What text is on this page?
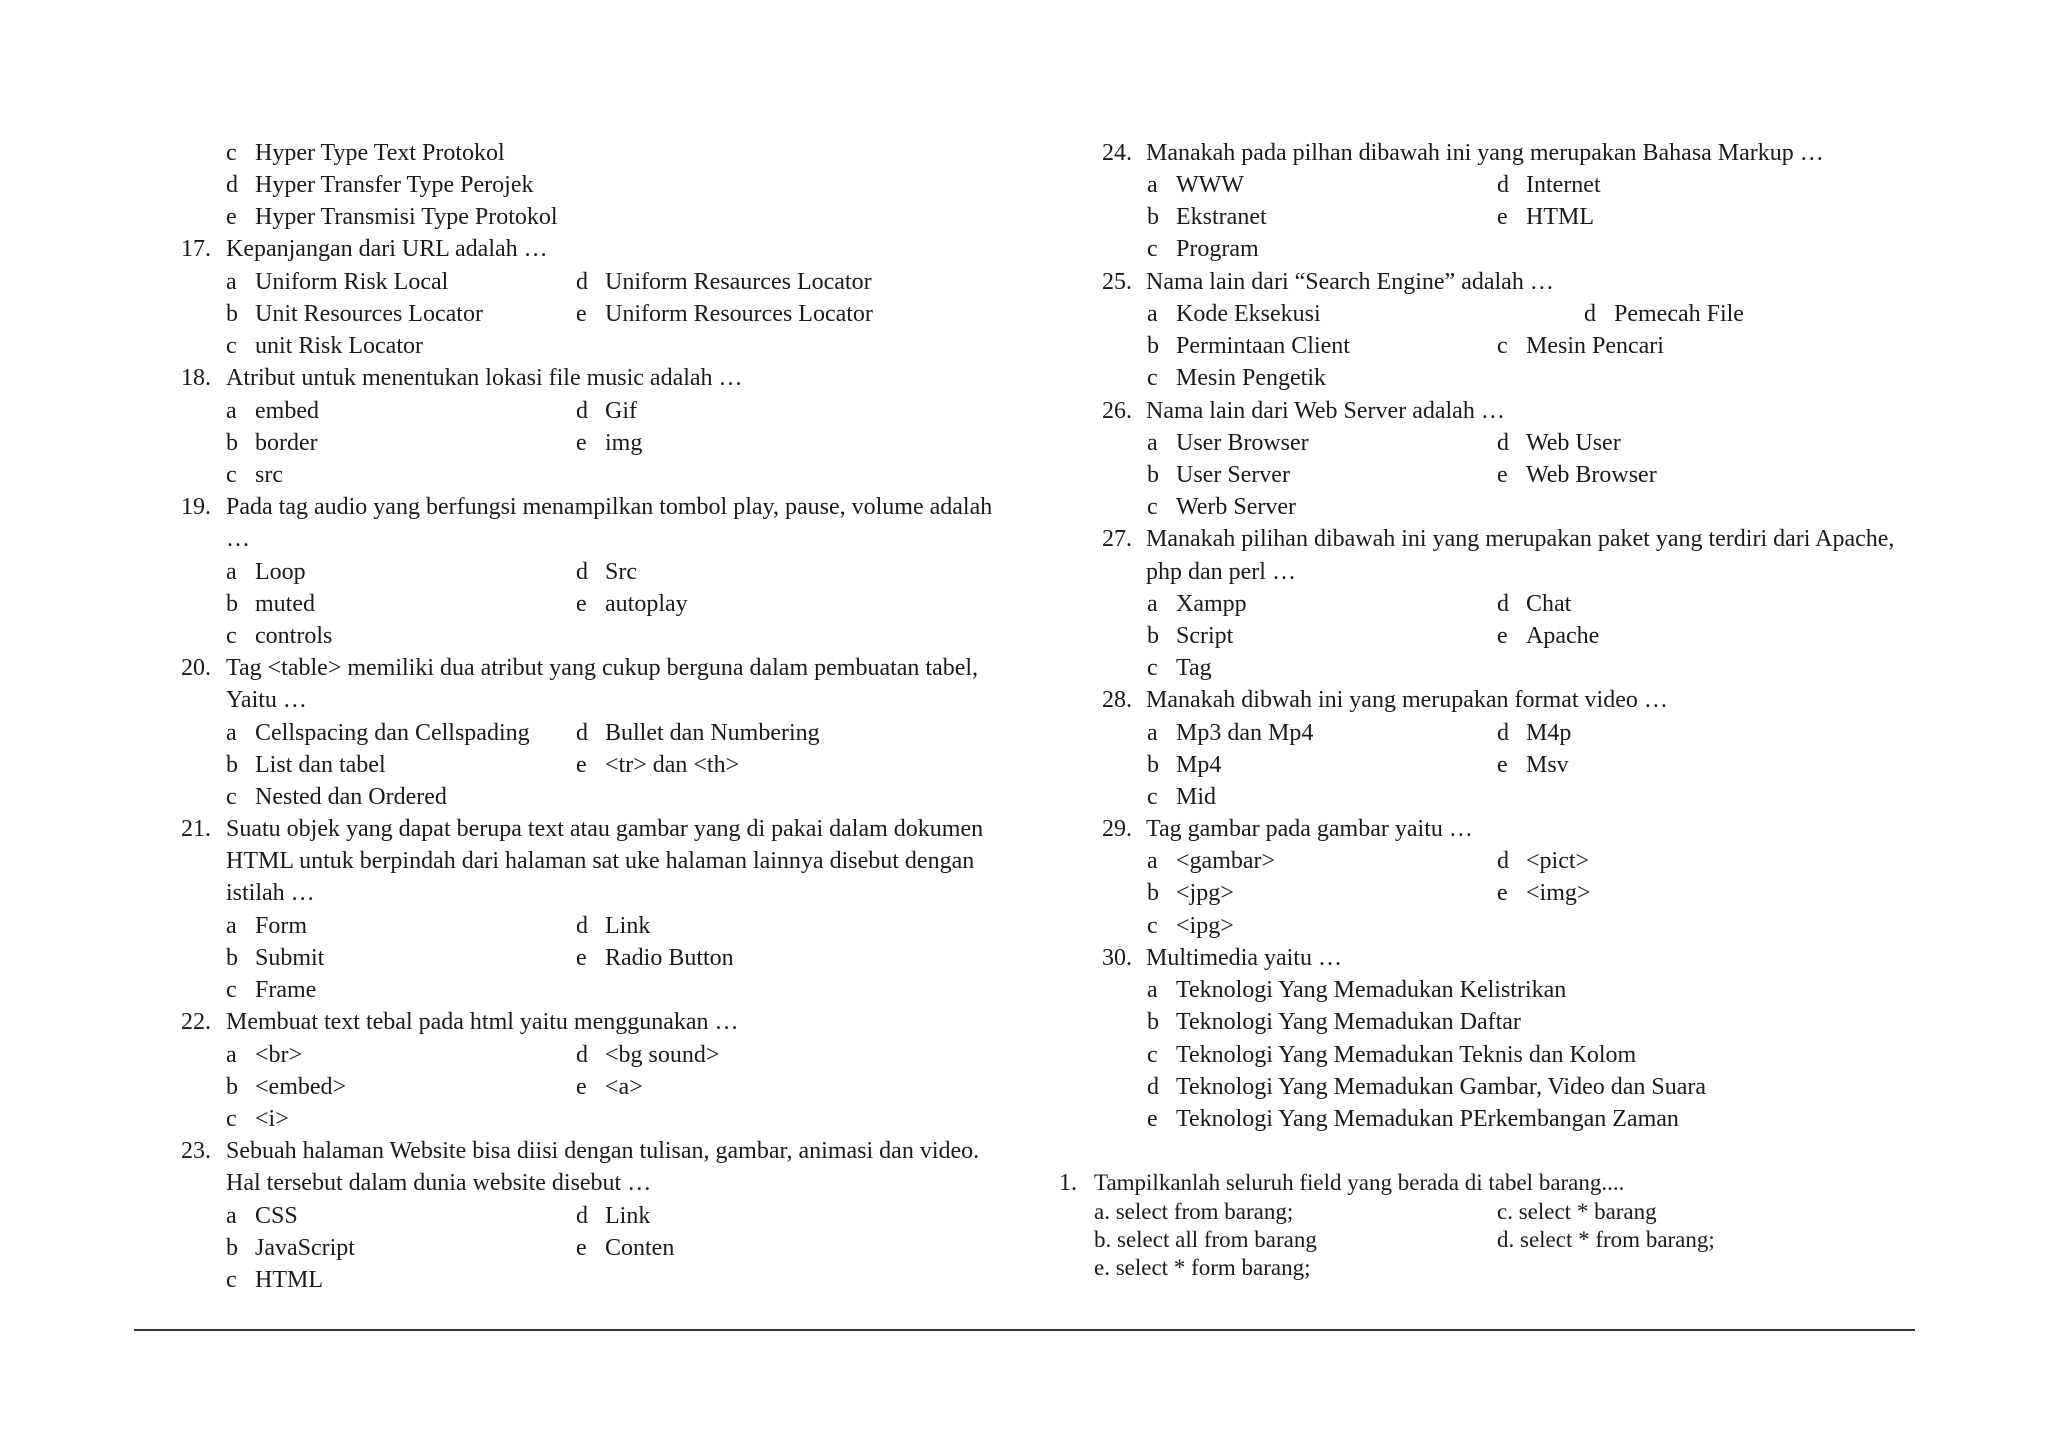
c Hyper Type Text Protokol
d Hyper Transfer Type Perojek
e Hyper Transmisi Type Protokol
17. Kepanjangan dari URL adalah …
a Uniform Risk Local	d Uniform Resaurces Locator
b Unit Resources Locator	e Uniform Resources Locator
c unit Risk Locator
18. Atribut untuk menentukan lokasi file music adalah …
a embed	d Gif
b border	e img
c src
19. Pada tag audio yang berfungsi menampilkan tombol play, pause, volume adalah
…
a Loop	d Src
b muted	e autoplay
c controls
20. Tag <table> memiliki dua atribut yang cukup berguna dalam pembuatan tabel,
Yaitu …
a Cellspacing dan Cellspading d Bullet dan Numbering
b List dan tabel	e <tr> dan <th>
c Nested dan Ordered
21. Suatu objek yang dapat berupa text atau gambar yang di pakai dalam dokumen
HTML untuk berpindah dari halaman sat uke halaman lainnya disebut dengan
istilah …
a Form	d Link
b Submit	e Radio Button
c Frame
22. Membuat text tebal pada html yaitu menggunakan …
a <br>	d <bg sound>
b <embed>	e <a>
c <i>
23. Sebuah halaman Website bisa diisi dengan tulisan, gambar, animasi dan video.
Hal tersebut dalam dunia website disebut …
a CSS	d Link
b JavaScript	e Conten
c HTML
24. Manakah pada pilhan dibawah ini yang merupakan Bahasa Markup …
a WWW	d Internet
b Ekstranet	e HTML
c Program
25. Nama lain dari “Search Engine” adalah …
a Kode Eksekusi	d Pemecah File
b Permintaan Client	c Mesin Pencari
c Mesin Pengetik
26. Nama lain dari Web Server adalah …
a User Browser	d Web User
b User Server	e Web Browser
c Werb Server
27. Manakah pilihan dibawah ini yang merupakan paket yang terdiri dari Apache,
php dan perl …
a Xampp	d Chat
b Script	e Apache
c Tag
28. Manakah dibwah ini yang merupakan format video …
a Mp3 dan Mp4	d M4p
b Mp4	e Msv
c Mid
29. Tag gambar pada gambar yaitu …
a <gambar>	d <pict>
b <jpg>	e <img>
c <ipg>
30. Multimedia yaitu …
a Teknologi Yang Memadukan Kelistrikan
b Teknologi Yang Memadukan Daftar
c Teknologi Yang Memadukan Teknis dan Kolom
d Teknologi Yang Memadukan Gambar, Video dan Suara
e Teknologi Yang Memadukan PErkembangan Zaman
1. Tampilkanlah seluruh field yang berada di tabel barang....
a. select from barang;	c. select * barang
b. select all from barang	d. select * from barang;
e. select * form barang;
